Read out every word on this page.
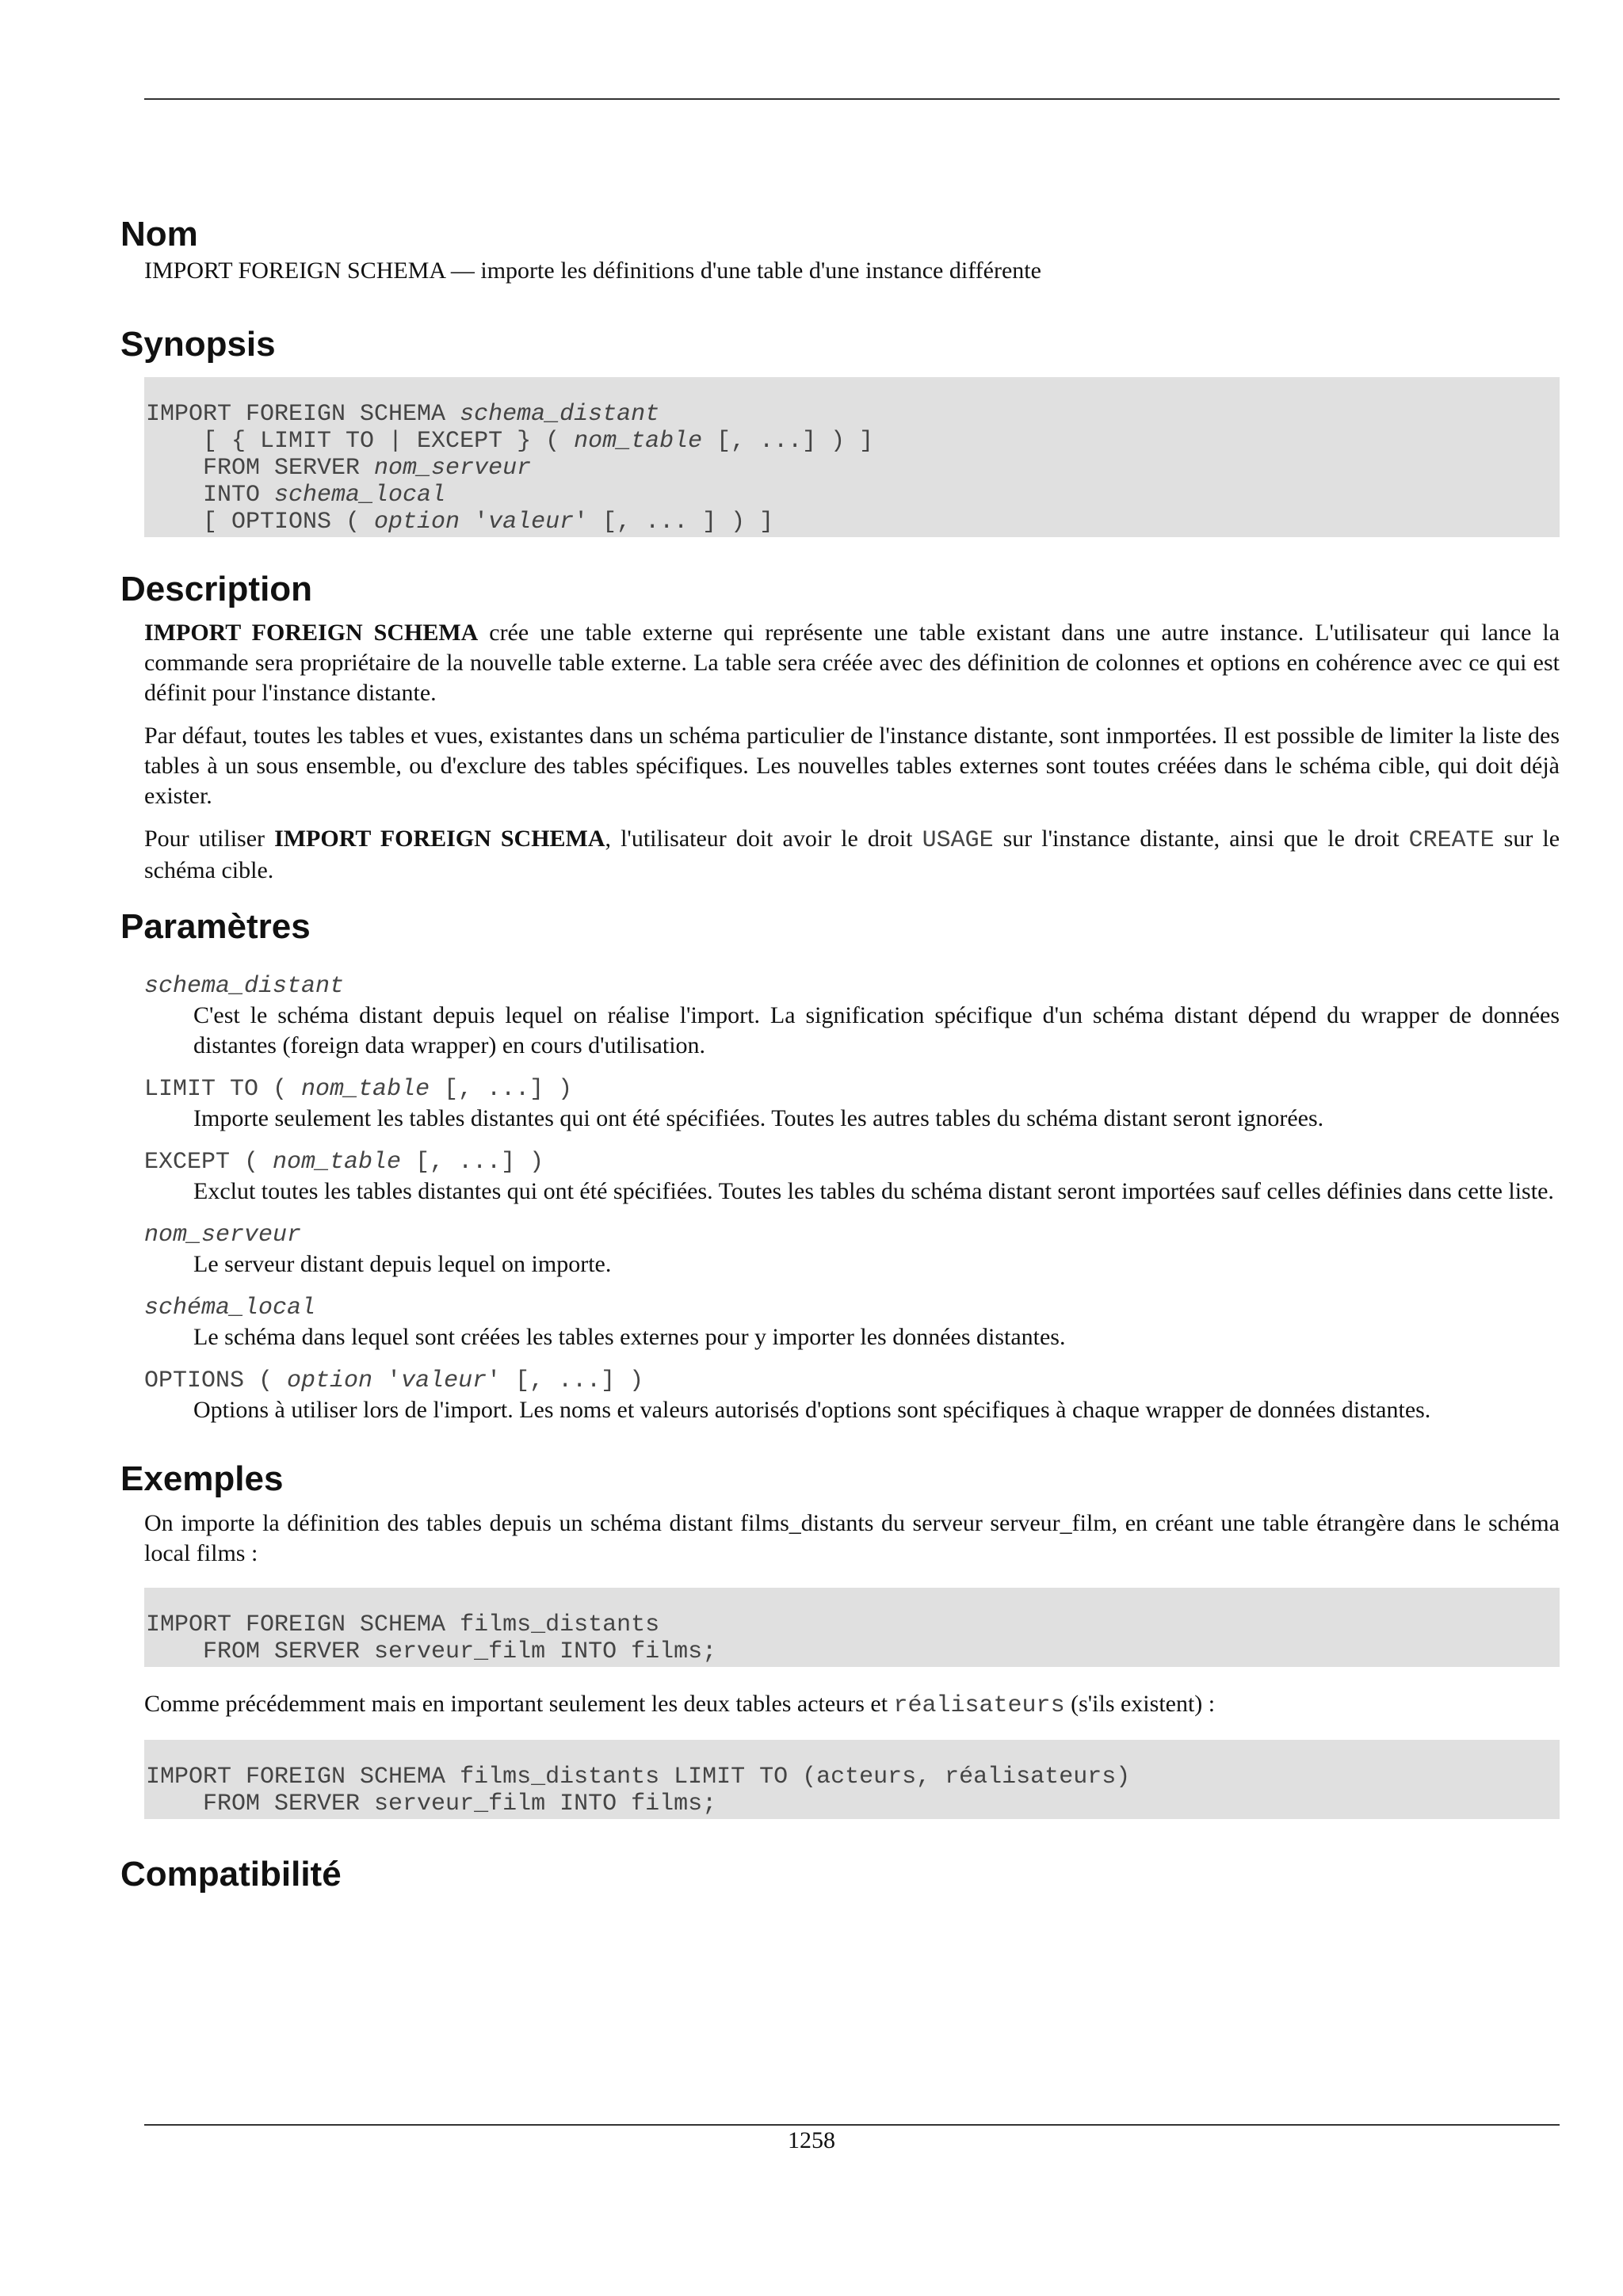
Nom

IMPORT FOREIGN SCHEMA — importe les définitions d'une table d'une instance différente

Synopsis
IMPORT FOREIGN SCHEMA schema_distant
[ { LIMIT TO | EXCEPT } ( nom_table [, ...] ) ]
FROM SERVER nom_serveur
INTO schema_local
[ OPTIONS ( option 'valeur' [, ... ] ) ]
Description

IMPORT FOREIGN SCHEMA crée une table externe qui représente une table existant dans une autre instance. L'utilisateur qui lance la commande sera propriétaire de la nouvelle table externe. La table sera créée avec des définition de colonnes et options en cohérence avec ce qui est définit pour l'instance distante.

Par défaut, toutes les tables et vues, existantes dans un schéma particulier de l'instance distante, sont inmportées. Il est possible de limiter la liste des tables à un sous ensemble, ou d'exclure des tables spécifiques. Les nouvelles tables externes sont toutes créées dans le schéma cible, qui doit déjà exister.

Pour utiliser IMPORT FOREIGN SCHEMA, l'utilisateur doit avoir le droit USAGE sur l'instance distante, ainsi que le droit CREATE sur le schéma cible.

Paramètres
schema_distant

C'est le schéma distant depuis lequel on réalise l'import. La signification spécifique d'un schéma distant dépend du wrapper de données distantes (foreign data wrapper) en cours d'utilisation.

LIMIT TO ( nom_table [, ...] )

Importe seulement les tables distantes qui ont été spécifiées. Toutes les autres tables du schéma distant seront ignorées.

EXCEPT ( nom_table [, ...] )

Exclut toutes les tables distantes qui ont été spécifiées. Toutes les tables du schéma distant seront importées sauf celles définies dans cette liste.

nom_serveur

Le serveur distant depuis lequel on importe.

schéma_local

Le schéma dans lequel sont créées les tables externes pour y importer les données distantes.

OPTIONS ( option 'valeur' [, ...] )

Options à utiliser lors de l'import. Les noms et valeurs autorisés d'options sont spécifiques à chaque wrapper de données distantes.

Exemples

On importe la définition des tables depuis un schéma distant films_distants du serveur serveur_film, en créant une table étrangère dans le schéma local films :

IMPORT FOREIGN SCHEMA films_distants
FROM SERVER serveur_film INTO films;

Comme précédemment mais en important seulement les deux tables acteurs et réalisateurs (s'ils existent) :

IMPORT FOREIGN SCHEMA films_distants LIMIT TO (acteurs, réalisateurs)
FROM SERVER serveur_film INTO films;
Compatibilité
1258
